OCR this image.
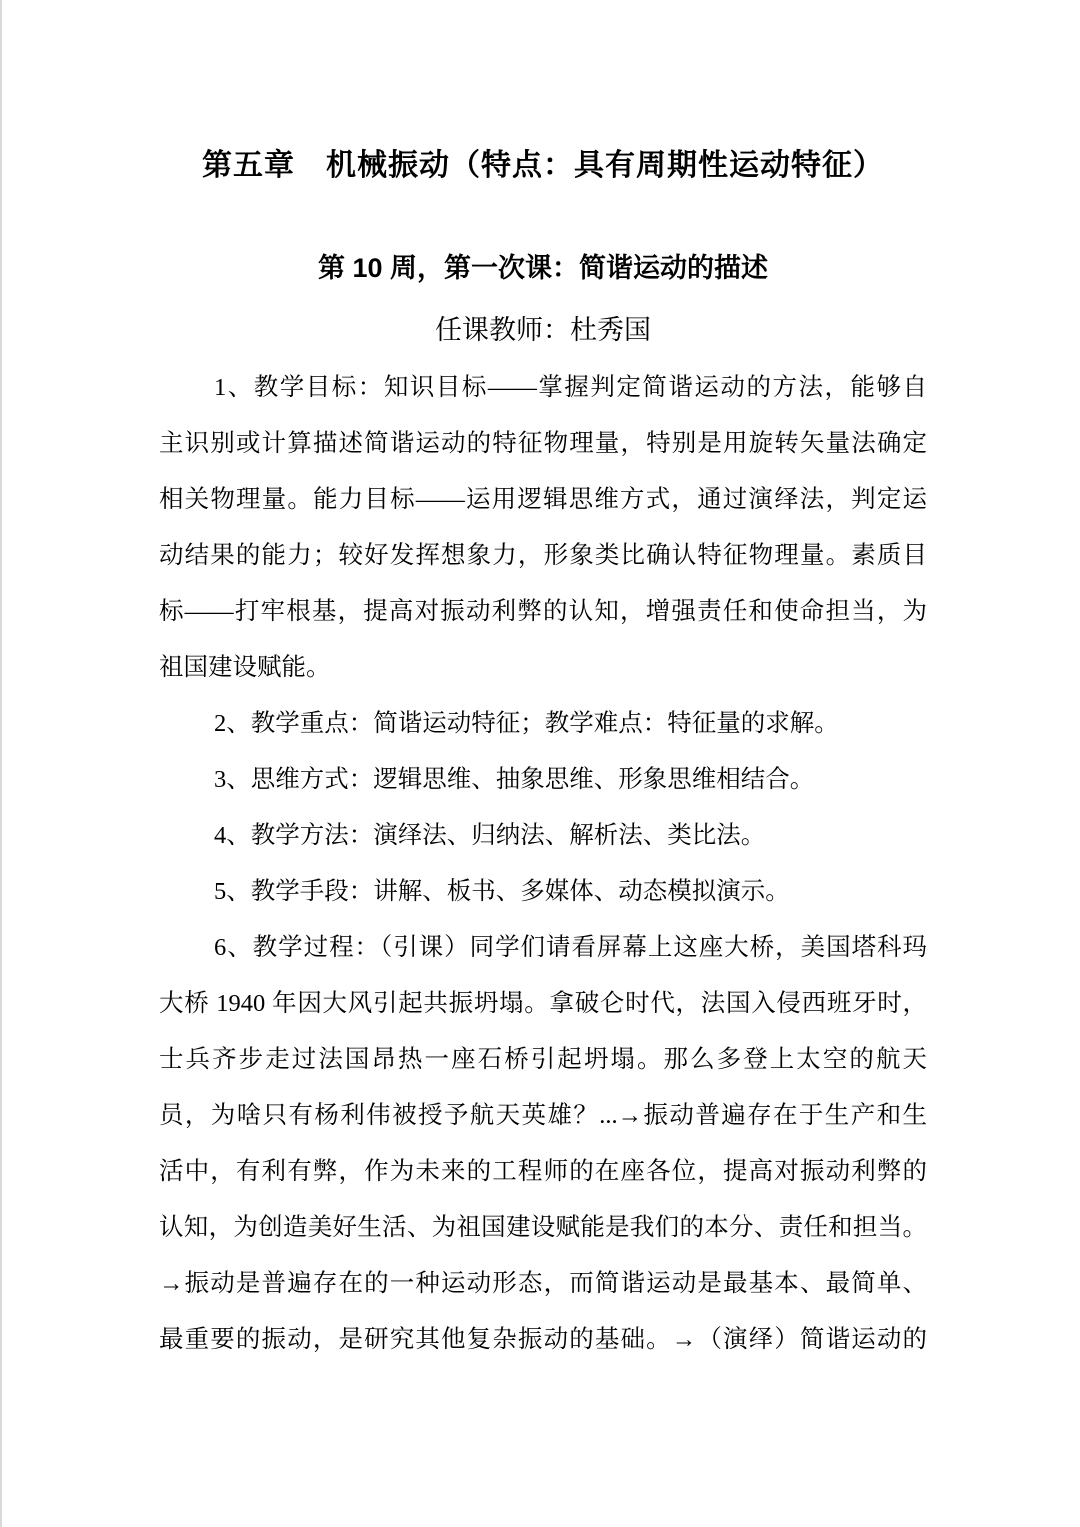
第五章　机械振动（特点：具有周期性运动特征）
第 10 周，第一次课：简谐运动的描述
任课教师：杜秀国
1、教学目标：知识目标——掌握判定简谐运动的方法，能够自
主识别或计算描述简谐运动的特征物理量，特别是用旋转矢量法确定
相关物理量。能力目标——运用逻辑思维方式，通过演绎法，判定运
动结果的能力；较好发挥想象力，形象类比确认特征物理量。素质目
标——打牢根基，提高对振动利弊的认知，增强责任和使命担当，为
祖国建设赋能。
2、教学重点：简谐运动特征；教学难点：特征量的求解。
3、思维方式：逻辑思维、抽象思维、形象思维相结合。
4、教学方法：演绎法、归纳法、解析法、类比法。
5、教学手段：讲解、板书、多媒体、动态模拟演示。
6、教学过程：（引课）同学们请看屏幕上这座大桥，美国塔科玛
大桥 1940 年因大风引起共振坍塌。拿破仑时代，法国入侵西班牙时，
士兵齐步走过法国昂热一座石桥引起坍塌。那么多登上太空的航天
员，为啥只有杨利伟被授予航天英雄？...→振动普遍存在于生产和生
活中，有利有弊，作为未来的工程师的在座各位，提高对振动利弊的
认知，为创造美好生活、为祖国建设赋能是我们的本分、责任和担当。
→振动是普遍存在的一种运动形态，而简谐运动是最基本、最简单、
最重要的振动，是研究其他复杂振动的基础。→（演绎）简谐运动的
